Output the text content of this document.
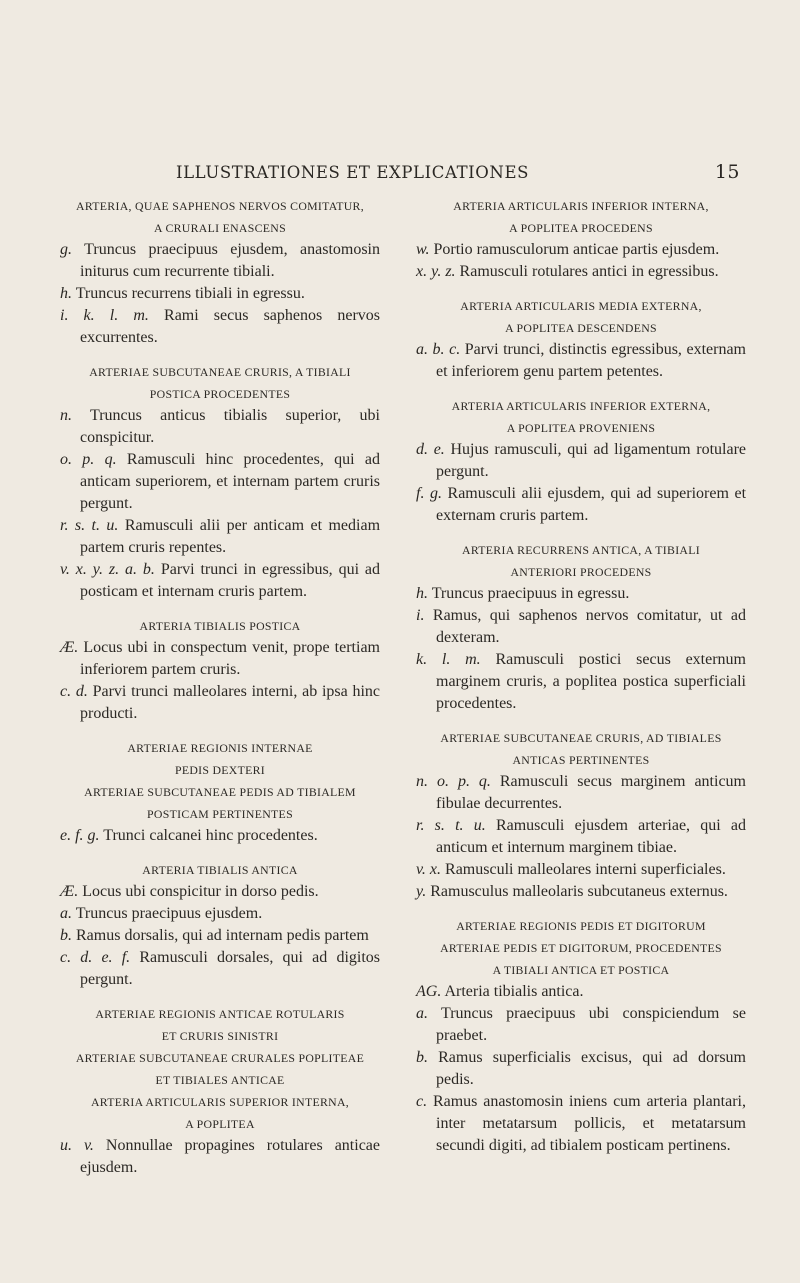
ILLUSTRATIONES ET EXPLICATIONES	15

ARTERIA, QUAE SAPHENOS NERVOS COMITATUR,

A CRURALI ENASCENS

g. Truncus praecipuus ejusdem, anastomosin initurus cum recurrente tibiali.

h. Truncus recurrens tibiali in egressu.

i. k. l. m. Rami secus saphenos nervos excurrentes.

ARTERIAE SUBCUTANEAE CRURIS, A TIBIALI

POSTICA PROCEDENTES

n. Truncus anticus tibialis superior, ubi conspicitur.

o. p. q. Ramusculi hinc procedentes, qui ad anticam superiorem, et internam partem cruris pergunt.

r. s. t. u. Ramusculi alii per anticam et mediam partem cruris repentes.

v. x. y. z. a. b. Parvi trunci in egressibus, qui ad posticam et internam cruris partem.

ARTERIA TIBIALIS POSTICA

Æ. Locus ubi in conspectum venit, prope tertiam inferiorem partem cruris.

c. d. Parvi trunci malleolares interni, ab ipsa hinc producti.

ARTERIAE REGIONIS INTERNAE

PEDIS DEXTERI

ARTERIAE SUBCUTANEAE PEDIS AD TIBIALEM

POSTICAM PERTINENTES

e. f. g. Trunci calcanei hinc procedentes.

ARTERIA TIBIALIS ANTICA

Æ. Locus ubi conspicitur in dorso pedis.

a. Truncus praecipuus ejusdem.

b. Ramus dorsalis, qui ad internam pedis partem

c. d. e. f. Ramusculi dorsales, qui ad digitos pergunt.

ARTERIAE REGIONIS ANTICAE ROTULARIS

ET CRURIS SINISTRI

ARTERIAE SUBCUTANEAE CRURALES POPLITEAE

ET TIBIALES ANTICAE

ARTERIA ARTICULARIS SUPERIOR INTERNA,

A POPLITEA

u. v. Nonnullae propagines rotulares anticae ejusdem.

ARTERIA ARTICULARIS INFERIOR INTERNA,

A POPLITEA PROCEDENS

w. Portio ramusculorum anticae partis ejusdem.

x. y. z. Ramusculi rotulares antici in egressibus.

ARTERIA ARTICULARIS MEDIA EXTERNA,

A POPLITEA DESCENDENS

a. b. c. Parvi trunci, distinctis egressibus, externam et inferiorem genu partem petentes.

ARTERIA ARTICULARIS INFERIOR EXTERNA,

A POPLITEA PROVENIENS

d. e. Hujus ramusculi, qui ad ligamentum rotulare pergunt.

f. g. Ramusculi alii ejusdem, qui ad superiorem et externam cruris partem.

ARTERIA RECURRENS ANTICA, A TIBIALI

ANTERIORI PROCEDENS

h. Truncus praecipuus in egressu.

i. Ramus, qui saphenos nervos comitatur, ut ad dexteram.

k. l. m. Ramusculi postici secus externum marginem cruris, a poplitea postica superficiali procedentes.

ARTERIAE SUBCUTANEAE CRURIS, AD TIBIALES

ANTICAS PERTINENTES

n. o. p. q. Ramusculi secus marginem anticum fibulae decurrentes.

r. s. t. u. Ramusculi ejusdem arteriae, qui ad anticum et internum marginem tibiae.

v. x. Ramusculi malleolares interni superficiales.

y. Ramusculus malleolaris subcutaneus externus.

ARTERIAE REGIONIS PEDIS ET DIGITORUM

ARTERIAE PEDIS ET DIGITORUM, PROCEDENTES

A TIBIALI ANTICA ET POSTICA

AG. Arteria tibialis antica.

a. Truncus praecipuus ubi conspiciendum se praebet.

b. Ramus superficialis excisus, qui ad dorsum pedis.

c. Ramus anastomosin iniens cum arteria plantari, inter metatarsum pollicis, et metatarsum secundi digiti, ad tibialem posticam pertinens.
